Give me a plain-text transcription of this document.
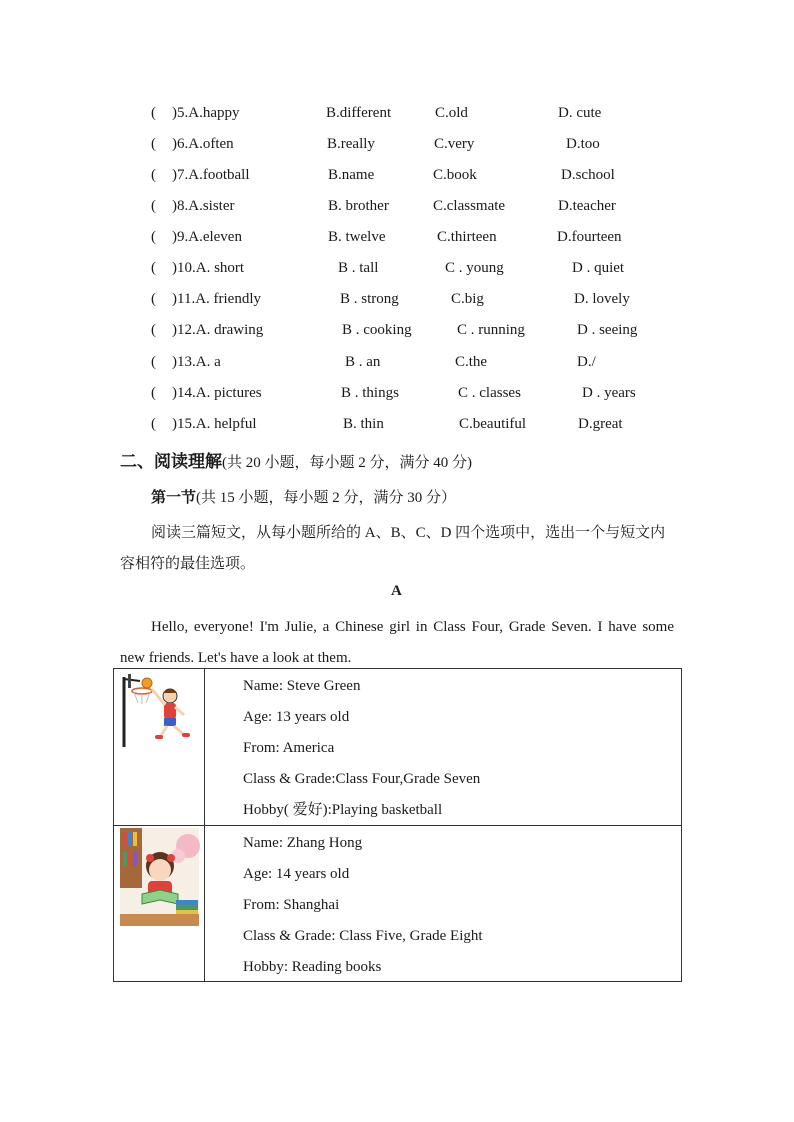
( )5.A.happy	B.different	C.old	D. cute
( )6.A.often	B.really	C.very	D.too
( )7.A.football	B.name	C.book	D.school
( )8.A.sister	B. brother	C.classmate	D.teacher
( )9.A.eleven	B. twelve	C.thirteen	D.fourteen
( )10.A. short	B . tall	C . young	D . quiet
( )11.A. friendly	B . strong	C.big	D. lovely
( )12.A. drawing	B . cooking	C . running	D . seeing
( )13.A. a	B . an	C.the	D./
( )14.A. pictures	B . things	C . classes	D . years
( )15.A. helpful	B. thin	C.beautiful	D.great
二、阅读理解(共 20 小题，每小题 2 分，满分 40 分)
第一节(共 15 小题，每小题 2 分，满分 30 分）
阅读三篇短文，从每小题所给的 A、B、C、D 四个选项中，选出一个与短文内容相符的最佳选项。
A
Hello, everyone! I'm Julie, a Chinese girl in Class Four, Grade Seven. I have some new friends. Let's have a look at them.

Name: Steve Green
Age: 13 years old
From: America
Class & Grade:Class Four,Grade Seven
Hobby( 爱好):Playing basketball

Name: Zhang Hong
Age: 14 years old
From: Shanghai
Class & Grade: Class Five, Grade Eight
Hobby: Reading books
